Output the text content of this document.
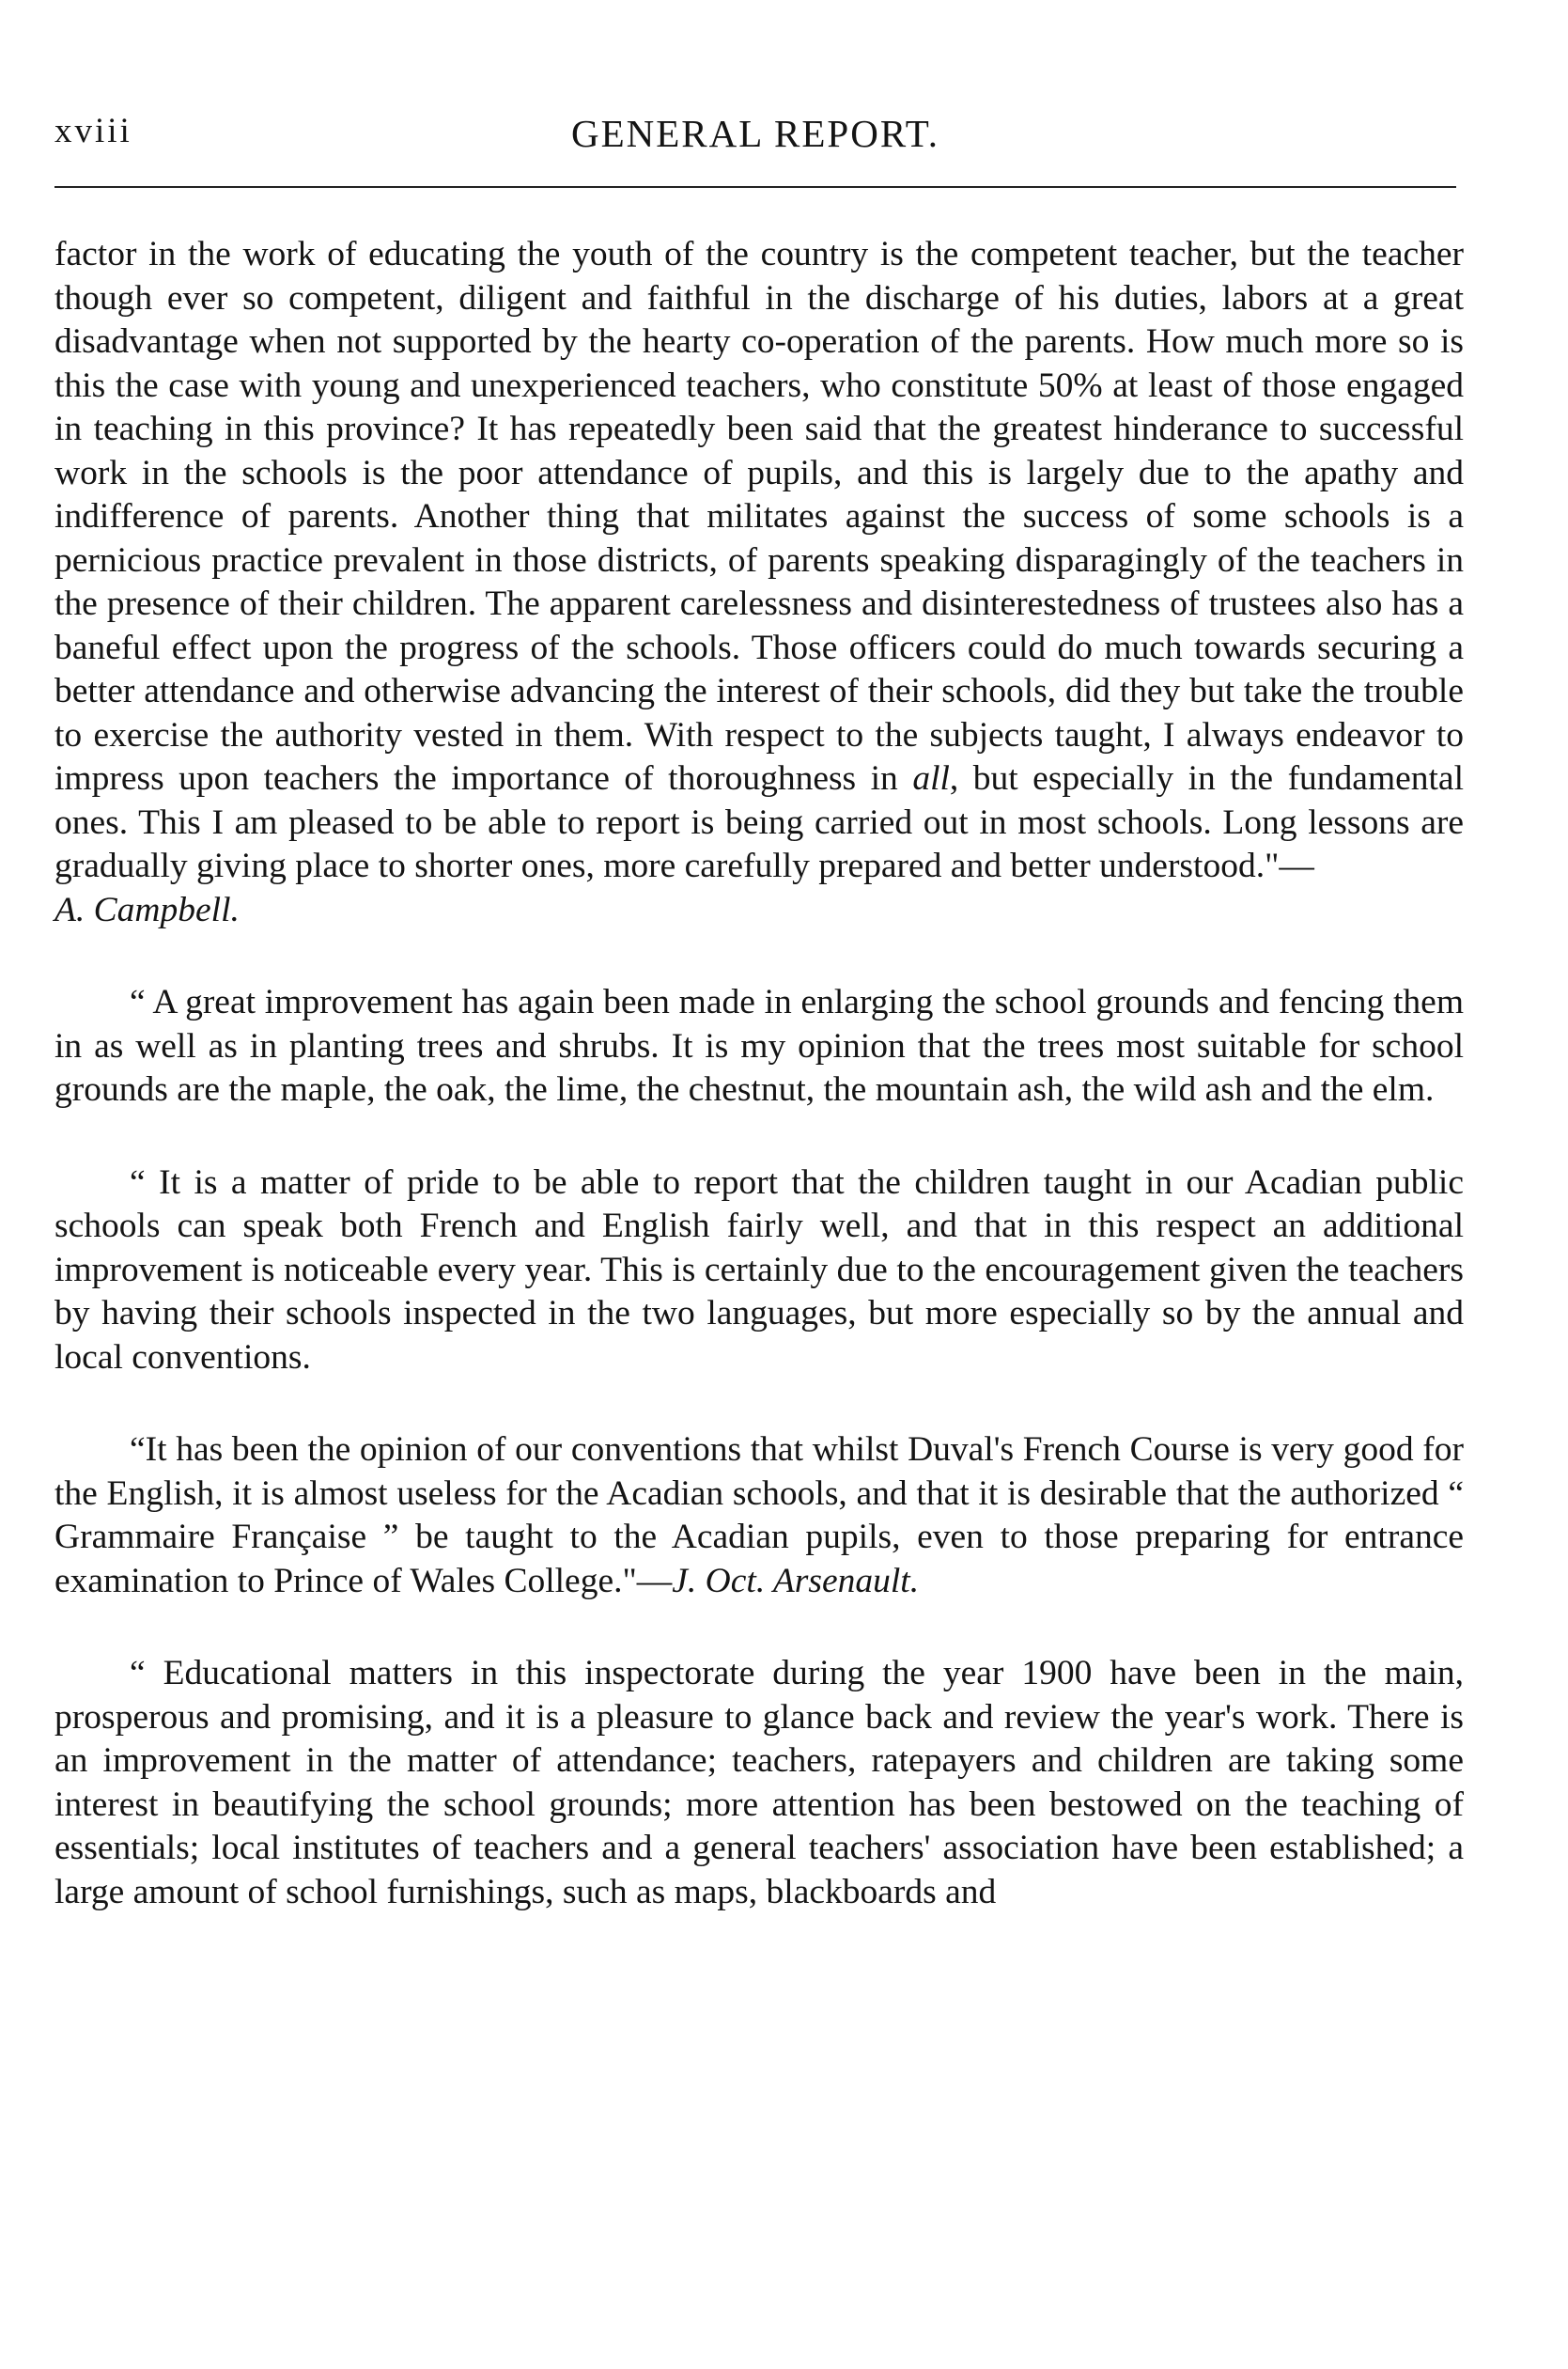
xviii	GENERAL REPORT.

factor in the work of educating the youth of the country is the competent teacher, but the teacher though ever so competent, diligent and faithful in the discharge of his duties, labors at a great disadvantage when not supported by the hearty co-operation of the parents. How much more so is this the case with young and unexperienced teachers, who constitute 50% at least of those engaged in teaching in this province? It has repeatedly been said that the greatest hinderance to successful work in the schools is the poor attendance of pupils, and this is largely due to the apathy and indifference of parents. Another thing that militates against the success of some schools is a pernicious practice prevalent in those districts, of parents speaking disparagingly of the teachers in the presence of their children. The apparent carelessness and disinterestedness of trustees also has a baneful effect upon the progress of the schools. Those officers could do much towards securing a better attendance and otherwise advancing the interest of their schools, did they but take the trouble to exercise the authority vested in them. With respect to the subjects taught, I always endeavor to impress upon teachers the importance of thoroughness in all, but especially in the fundamental ones. This I am pleased to be able to report is being carried out in most schools. Long lessons are gradually giving place to shorter ones, more carefully prepared and better understood."—
A. Campbell.

“ A great improvement has again been made in enlarging the school grounds and fencing them in as well as in planting trees and shrubs. It is my opinion that the trees most suitable for school grounds are the maple, the oak, the lime, the chestnut, the mountain ash, the wild ash and the elm.

“ It is a matter of pride to be able to report that the children taught in our Acadian public schools can speak both French and English fairly well, and that in this respect an additional improvement is noticeable every year. This is certainly due to the encouragement given the teachers by having their schools inspected in the two languages, but more especially so by the annual and local conventions.

“It has been the opinion of our conventions that whilst Duval's French Course is very good for the English, it is almost useless for the Acadian schools, and that it is desirable that the authorized “ Grammaire Française ” be taught to the Acadian pupils, even to those preparing for entrance examination to Prince of Wales College."—J. Oct. Arsenault.

“ Educational matters in this inspectorate during the year 1900 have been in the main, prosperous and promising, and it is a pleasure to glance back and review the year's work. There is an improvement in the matter of attendance; teachers, ratepayers and children are taking some interest in beautifying the school grounds; more attention has been bestowed on the teaching of essentials; local institutes of teachers and a general teachers' association have been established; a large amount of school furnishings, such as maps, blackboards and
